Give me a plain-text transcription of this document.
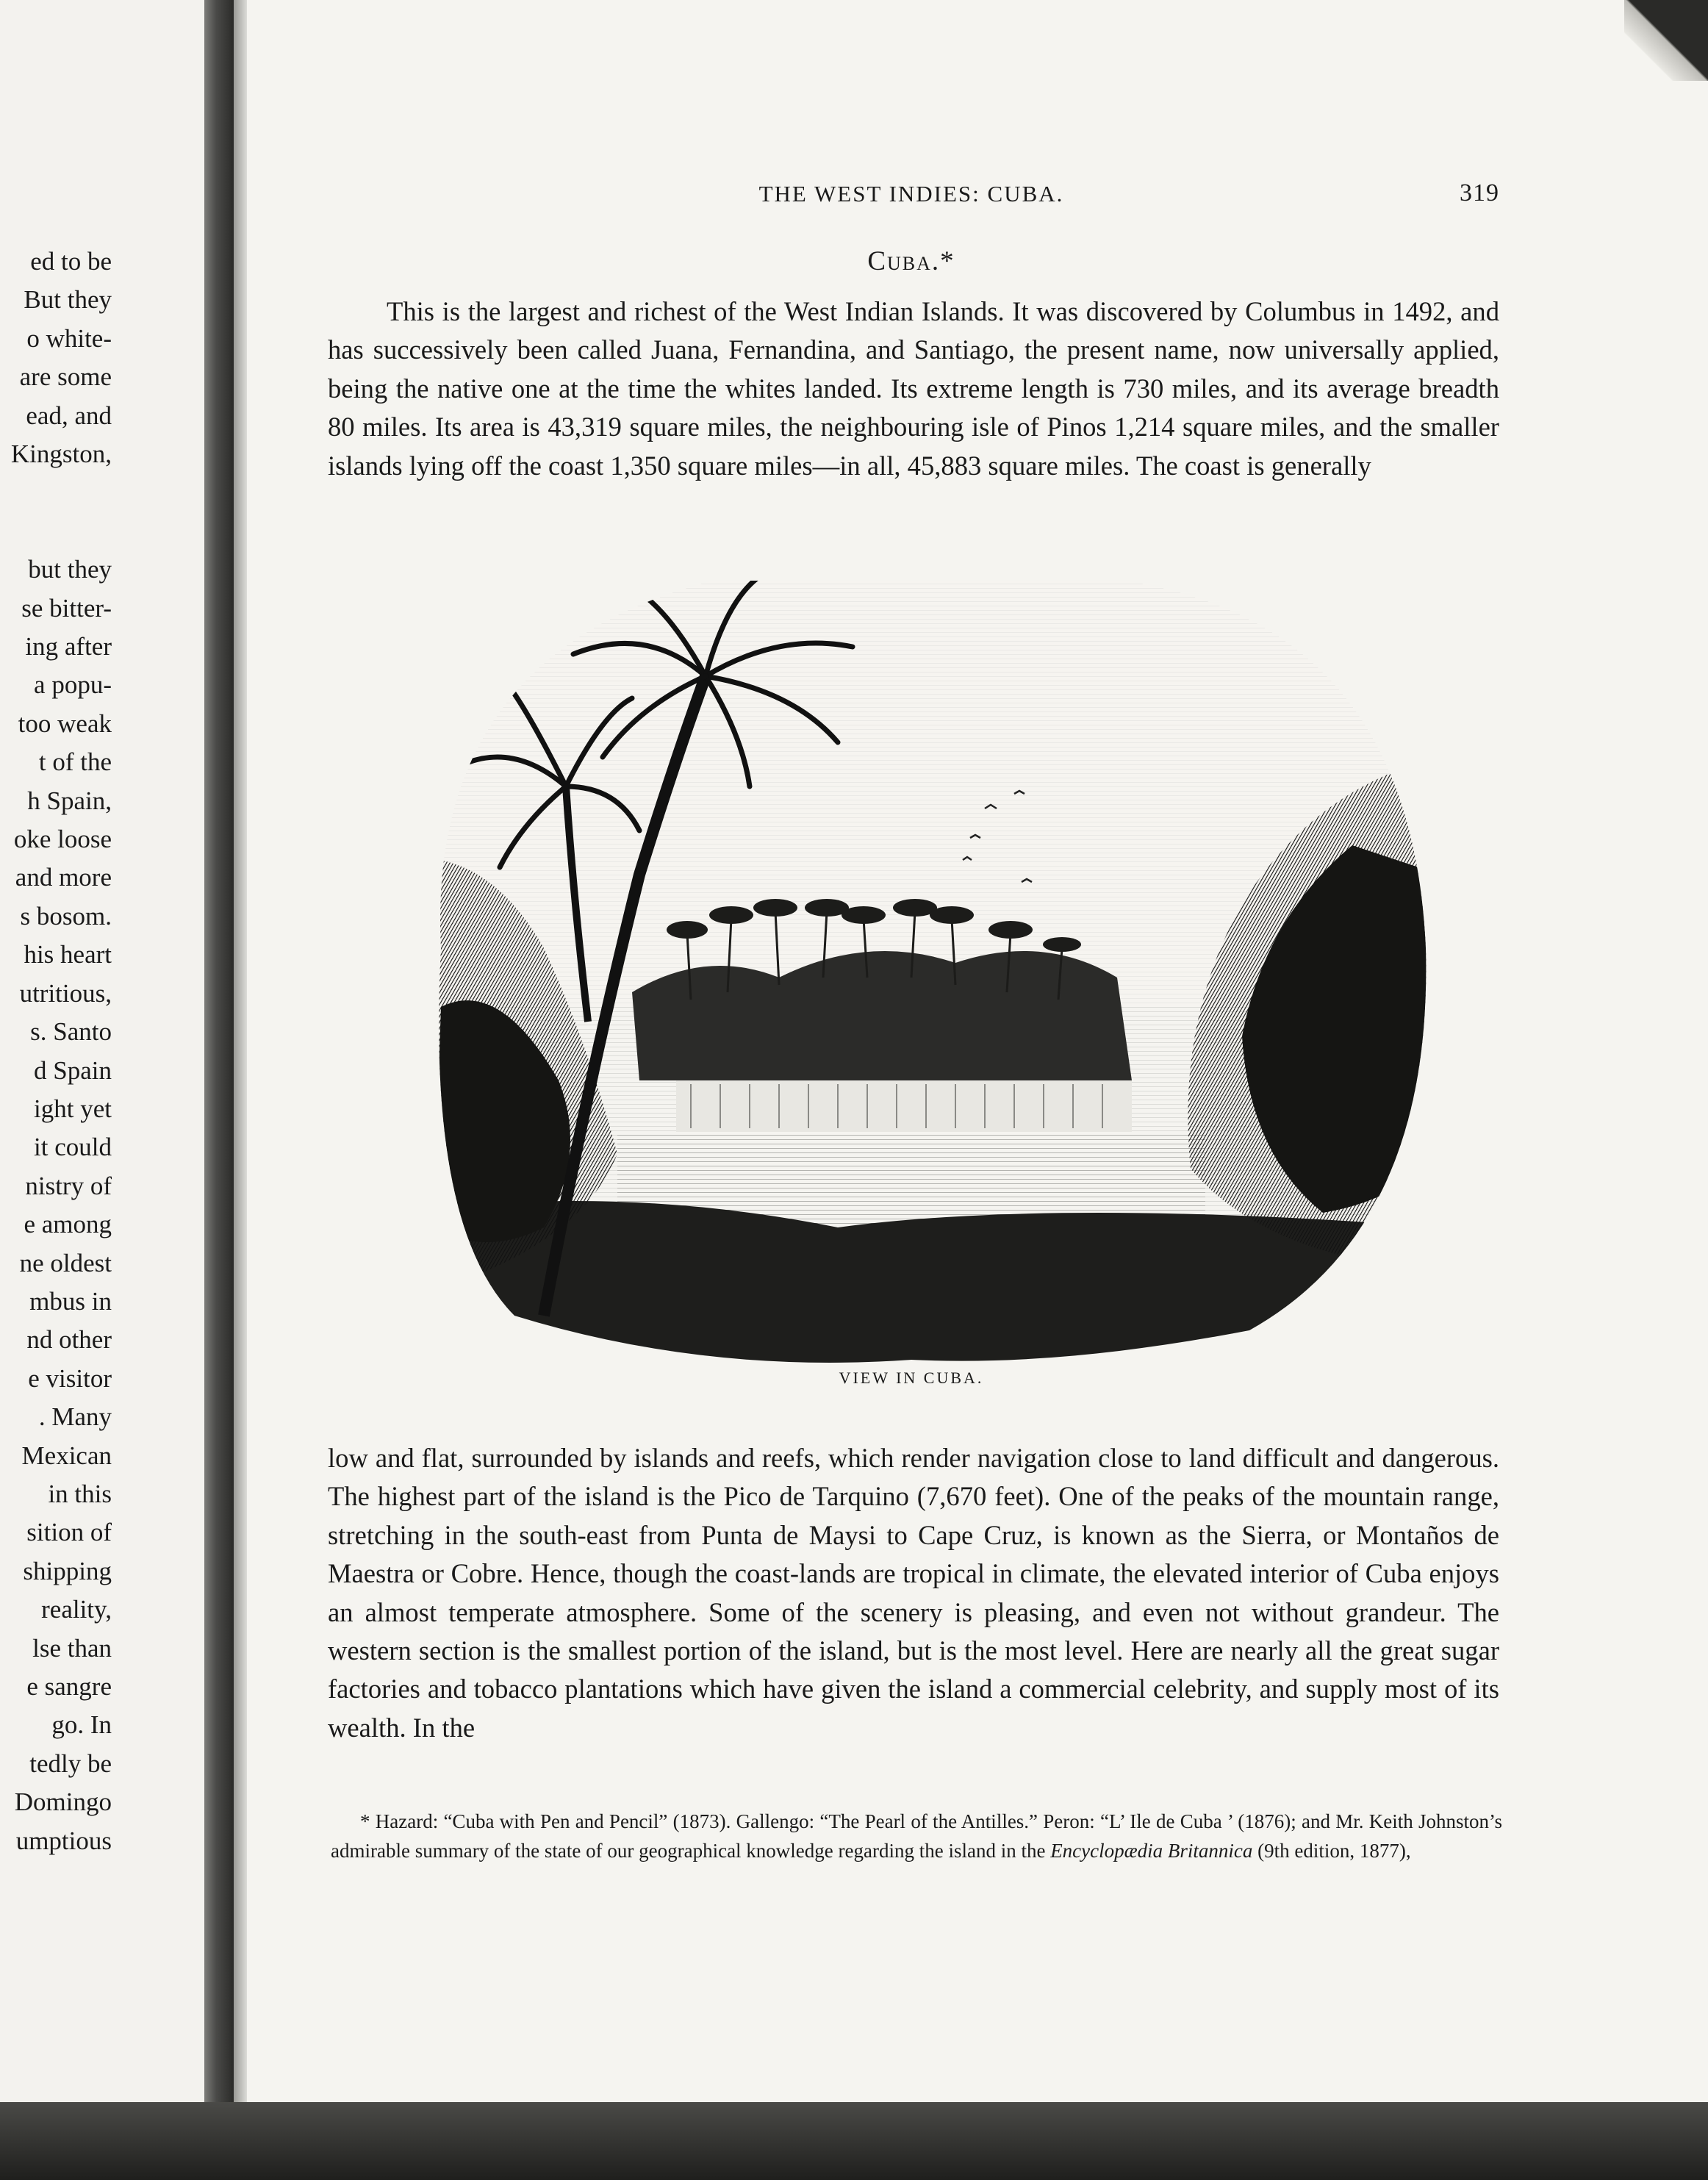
ed to be
But they
o white-
are some
ead, and
Kingston,
but they
se bitter-
ing after
a popu-
too weak
t of the
h Spain,
oke loose
and more
s bosom.
his heart
utritious,
s. Santo
d Spain
ight yet
it could
nistry of
e among
ne oldest
mbus in
nd other
e visitor
. Many
Mexican
in this
sition of
shipping
reality,
lse than
e sangre
go. In
tedly be
Domingo
umptious
THE WEST INDIES: CUBA.	319
Cuba.*

This is the largest and richest of the West Indian Islands. It was discovered by Columbus in 1492, and has successively been called Juana, Fernandina, and Santiago, the present name, now universally applied, being the native one at the time the whites landed. Its extreme length is 730 miles, and its average breadth 80 miles. Its area is 43,319 square miles, the neighbouring isle of Pinos 1,214 square miles, and the smaller islands lying off the coast 1,350 square miles—in all, 45,883 square miles. The coast is generally

VIEW IN CUBA.

low and flat, surrounded by islands and reefs, which render navigation close to land difficult and dangerous. The highest part of the island is the Pico de Tarquino (7,670 feet). One of the peaks of the mountain range, stretching in the south-east from Punta de Maysi to Cape Cruz, is known as the Sierra, or Montaños de Maestra or Cobre. Hence, though the coast-lands are tropical in climate, the elevated interior of Cuba enjoys an almost temperate atmosphere. Some of the scenery is pleasing, and even not without grandeur. The western section is the smallest portion of the island, but is the most level. Here are nearly all the great sugar factories and tobacco plantations which have given the island a commercial celebrity, and supply most of its wealth. In the

* Hazard: “Cuba with Pen and Pencil” (1873). Gallengo: “The Pearl of the Antilles.” Peron: “L’ Ile de Cuba ’ (1876); and Mr. Keith Johnston’s admirable summary of the state of our geographical knowledge regarding the island in the Encyclopædia Britannica (9th edition, 1877),
